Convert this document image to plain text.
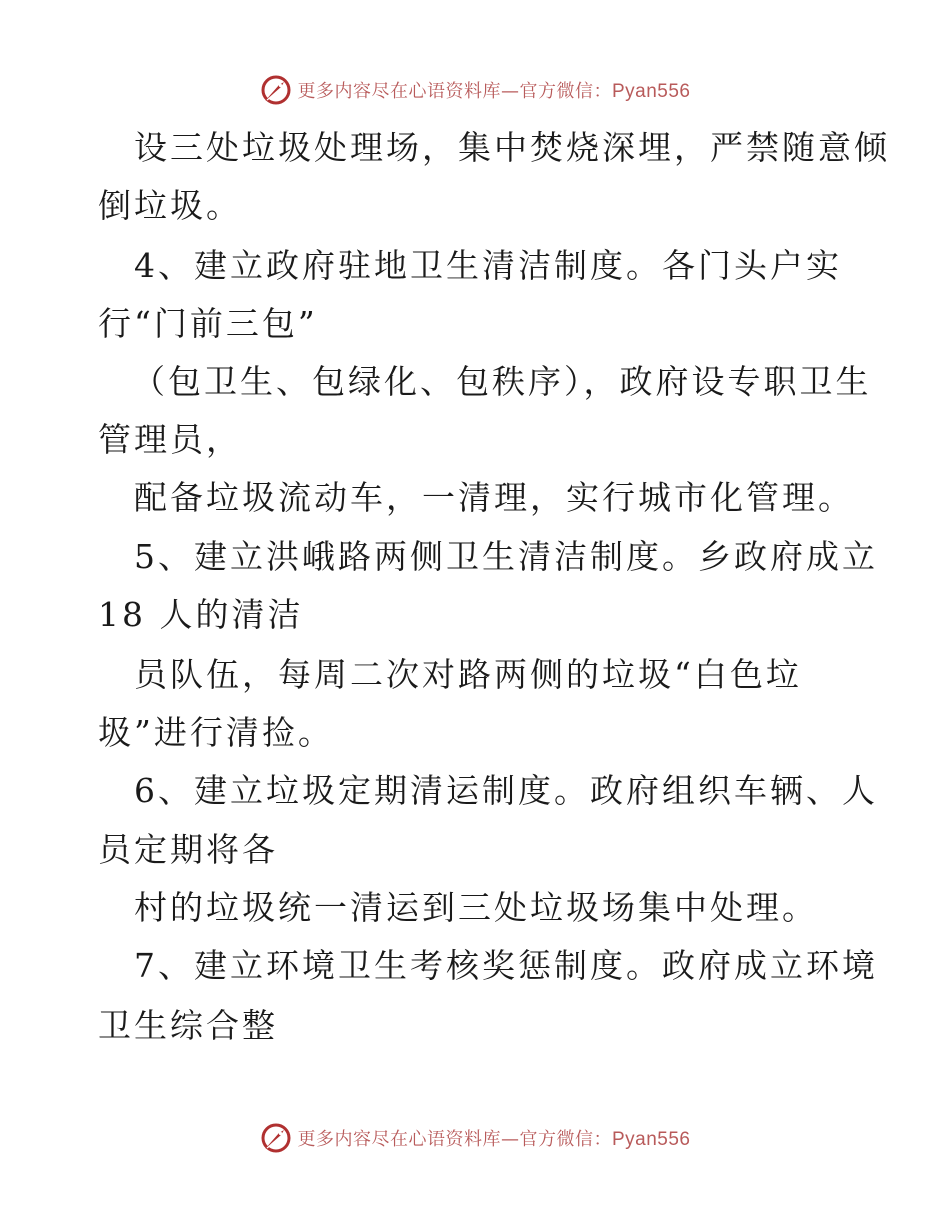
更多内容尽在心语资料库—官方微信：Pyan556
设三处垃圾处理场，集中焚烧深埋，严禁随意倾
倒垃圾。
4、建立政府驻地卫生清洁制度。各门头户实
行“门前三包”
（包卫生、包绿化、包秩序），政府设专职卫生
管理员，
配备垃圾流动车，一清理，实行城市化管理。
5、建立洪峨路两侧卫生清洁制度。乡政府成立
18 人的清洁
员队伍，每周二次对路两侧的垃圾“白色垃
圾”进行清捡。
6、建立垃圾定期清运制度。政府组织车辆、人
员定期将各
村的垃圾统一清运到三处垃圾场集中处理。
7、建立环境卫生考核奖惩制度。政府成立环境
卫生综合整
更多内容尽在心语资料库—官方微信：Pyan556
